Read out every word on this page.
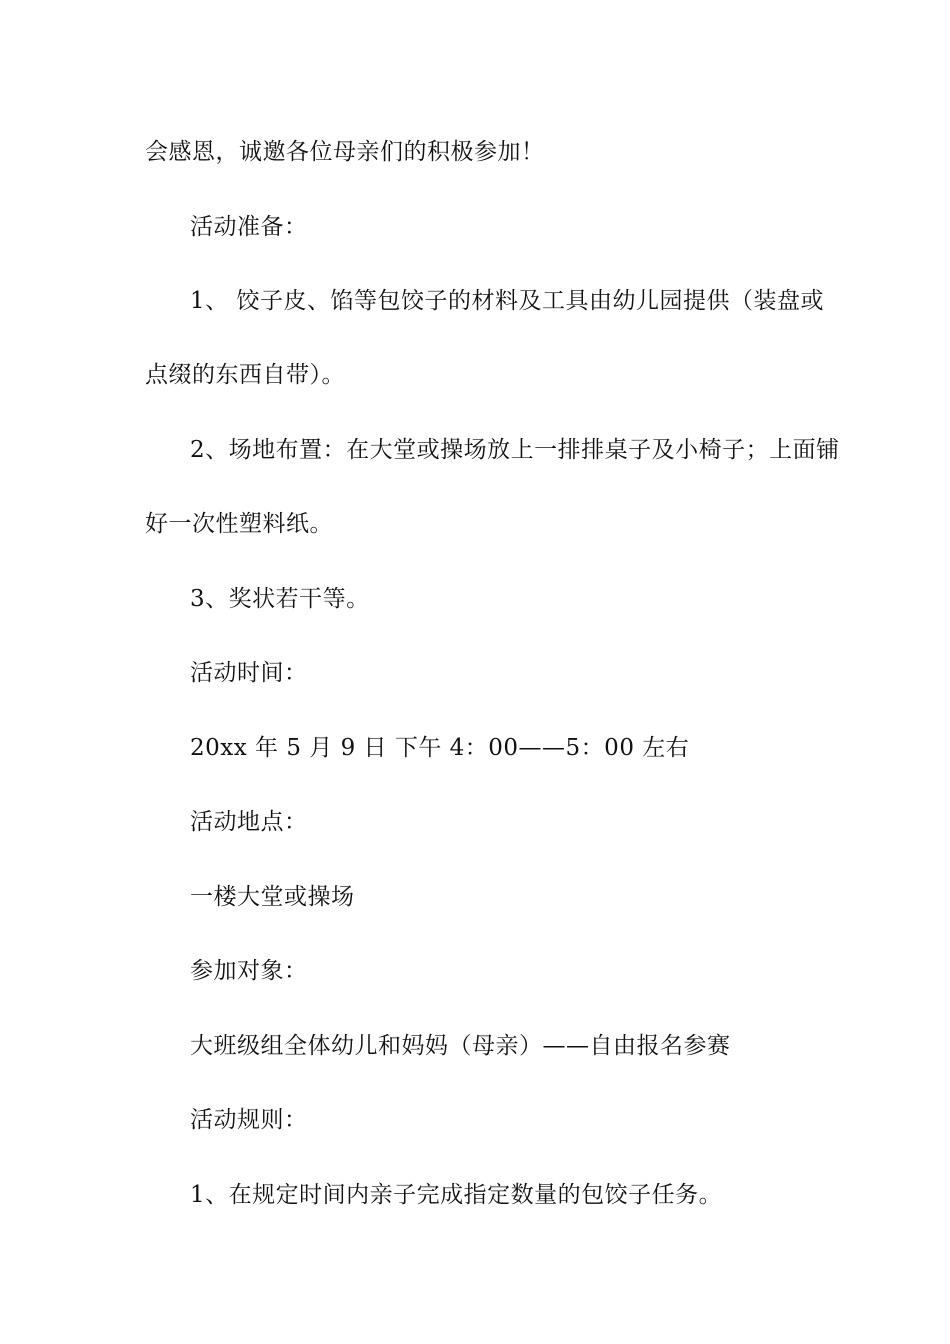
会感恩，诚邀各位母亲们的积极参加！
活动准备：
1、 饺子皮、馅等包饺子的材料及工具由幼儿园提供（装盘或
点缀的东西自带）。
2、场地布置：在大堂或操场放上一排排桌子及小椅子；上面铺
好一次性塑料纸。
3、奖状若干等。
活动时间：
20xx 年 5 月 9 日 下午 4：00——5：00 左右
活动地点：
一楼大堂或操场
参加对象：
大班级组全体幼儿和妈妈（母亲）——自由报名参赛
活动规则：
1、在规定时间内亲子完成指定数量的包饺子任务。
